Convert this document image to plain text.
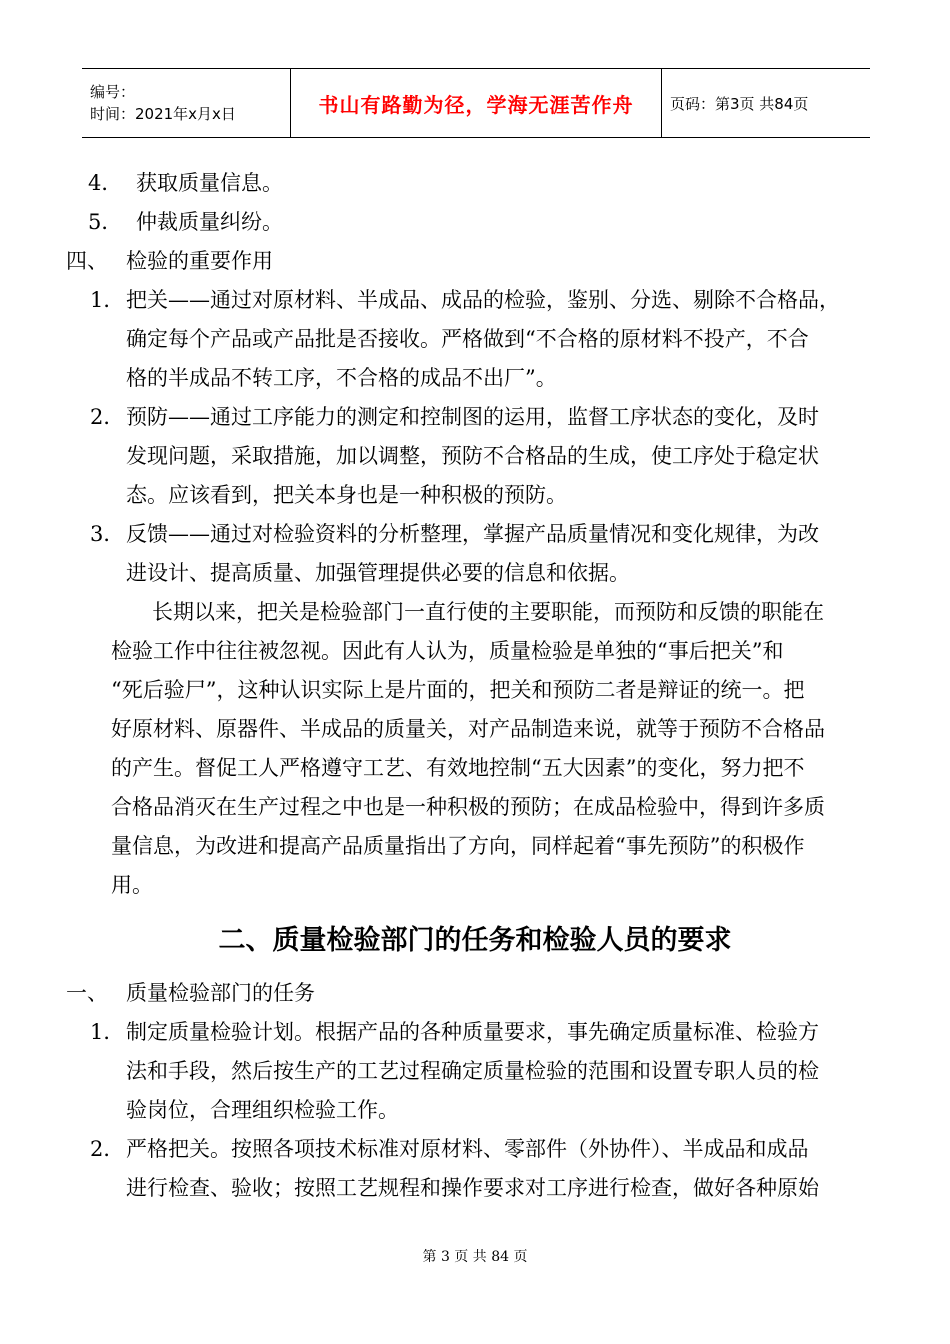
编号：
时间：2021年x月x日	书山有路勤为径，学海无涯苦作舟 页码：第3页 共84页
4． 获取质量信息。
5． 仲裁质量纠纷。
四、 检验的重要作用
1． 把关——通过对原材料、半成品、成品的检验，鉴别、分选、剔除不合格品，
确定每个产品或产品批是否接收。严格做到“不合格的原材料不投产，不合
格的半成品不转工序，不合格的成品不出厂”。
2． 预防——通过工序能力的测定和控制图的运用，监督工序状态的变化，及时
发现问题，采取措施，加以调整，预防不合格品的生成，使工序处于稳定状
态。应该看到，把关本身也是一种积极的预防。
3． 反馈——通过对检验资料的分析整理，掌握产品质量情况和变化规律，为改
进设计、提高质量、加强管理提供必要的信息和依据。
长期以来，把关是检验部门一直行使的主要职能，而预防和反馈的职能在
检验工作中往往被忽视。因此有人认为，质量检验是单独的“事后把关”和
“死后验尸”，这种认识实际上是片面的，把关和预防二者是辩证的统一。把
好原材料、原器件、半成品的质量关，对产品制造来说，就等于预防不合格品
的产生。督促工人严格遵守工艺、有效地控制“五大因素”的变化，努力把不
合格品消灭在生产过程之中也是一种积极的预防；在成品检验中，得到许多质
量信息，为改进和提高产品质量指出了方向，同样起着“事先预防”的积极作
用。
二、质量检验部门的任务和检验人员的要求
一、 质量检验部门的任务
1． 制定质量检验计划。根据产品的各种质量要求，事先确定质量标准、检验方
法和手段，然后按生产的工艺过程确定质量检验的范围和设置专职人员的检
验岗位，合理组织检验工作。
2． 严格把关。按照各项技术标准对原材料、零部件（外协件）、半成品和成品
进行检查、验收；按照工艺规程和操作要求对工序进行检查，做好各种原始
第 3 页 共 84 页
